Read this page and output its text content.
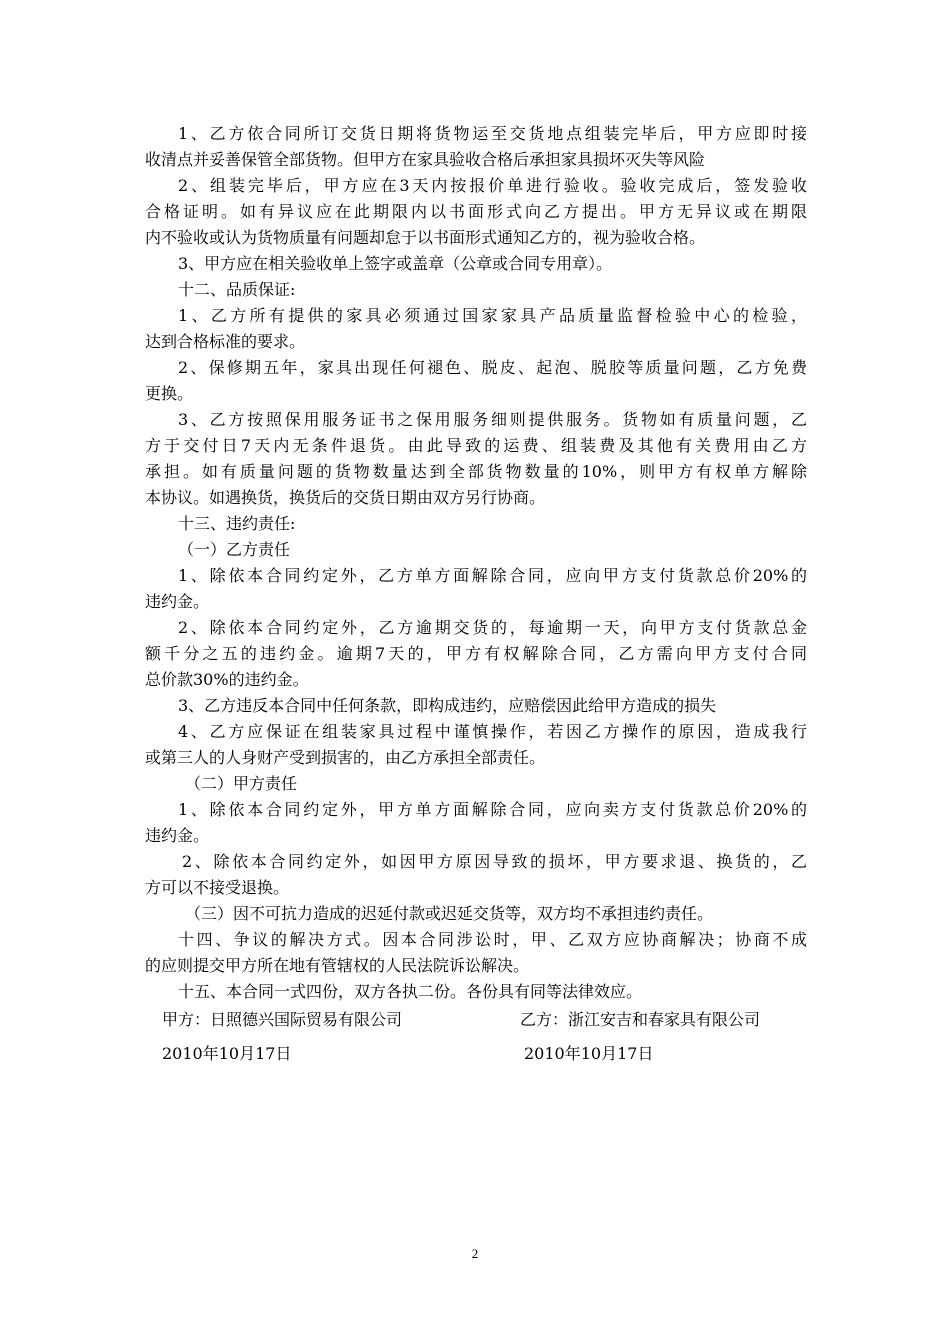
1、乙方依合同所订交货日期将货物运至交货地点组装完毕后，甲方应即时接
收清点并妥善保管全部货物。但甲方在家具验收合格后承担家具损坏灭失等风险
2、组装完毕后，甲方应在3天内按报价单进行验收。验收完成后，签发验收
合格证明。如有异议应在此期限内以书面形式向乙方提出。甲方无异议或在期限
内不验收或认为货物质量有问题却怠于以书面形式通知乙方的，视为验收合格。
3、甲方应在相关验收单上签字或盖章（公章或合同专用章）。
十二、品质保证:
1、乙方所有提供的家具必须通过国家家具产品质量监督检验中心的检验，
达到合格标准的要求。
2、保修期五年，家具出现任何褪色、脱皮、起泡、脱胶等质量问题，乙方免费
更换。
3、乙方按照保用服务证书之保用服务细则提供服务。货物如有质量问题，乙
方于交付日7天内无条件退货。由此导致的运费、组装费及其他有关费用由乙方
承担。如有质量问题的货物数量达到全部货物数量的10%，则甲方有权单方解除
本协议。如遇换货，换货后的交货日期由双方另行协商。
十三、违约责任:
（一）乙方责任
1、除依本合同约定外，乙方单方面解除合同，应向甲方支付货款总价20%的
违约金。
2、除依本合同约定外，乙方逾期交货的，每逾期一天，向甲方支付货款总金
额千分之五的违约金。逾期7天的，甲方有权解除合同，乙方需向甲方支付合同
总价款30%的违约金。
3、乙方违反本合同中任何条款，即构成违约，应赔偿因此给甲方造成的损失
4、乙方应保证在组装家具过程中谨慎操作，若因乙方操作的原因，造成我行
或第三人的人身财产受到损害的，由乙方承担全部责任。
（二）甲方责任
1、除依本合同约定外，甲方单方面解除合同，应向卖方支付货款总价20%的
违约金。
2、除依本合同约定外，如因甲方原因导致的损坏，甲方要求退、换货的，乙
方可以不接受退换。
（三）因不可抗力造成的迟延付款或迟延交货等，双方均不承担违约责任。
十四、争议的解决方式。因本合同涉讼时，甲、乙双方应协商解决；协商不成
的应则提交甲方所在地有管辖权的人民法院诉讼解决。
十五、本合同一式四份，双方各执二份。各份具有同等法律效应。
甲方：日照德兴国际贸易有限公司	乙方：浙江安吉和春家具有限公司
2010年10月17日	2010年10月17日
2
